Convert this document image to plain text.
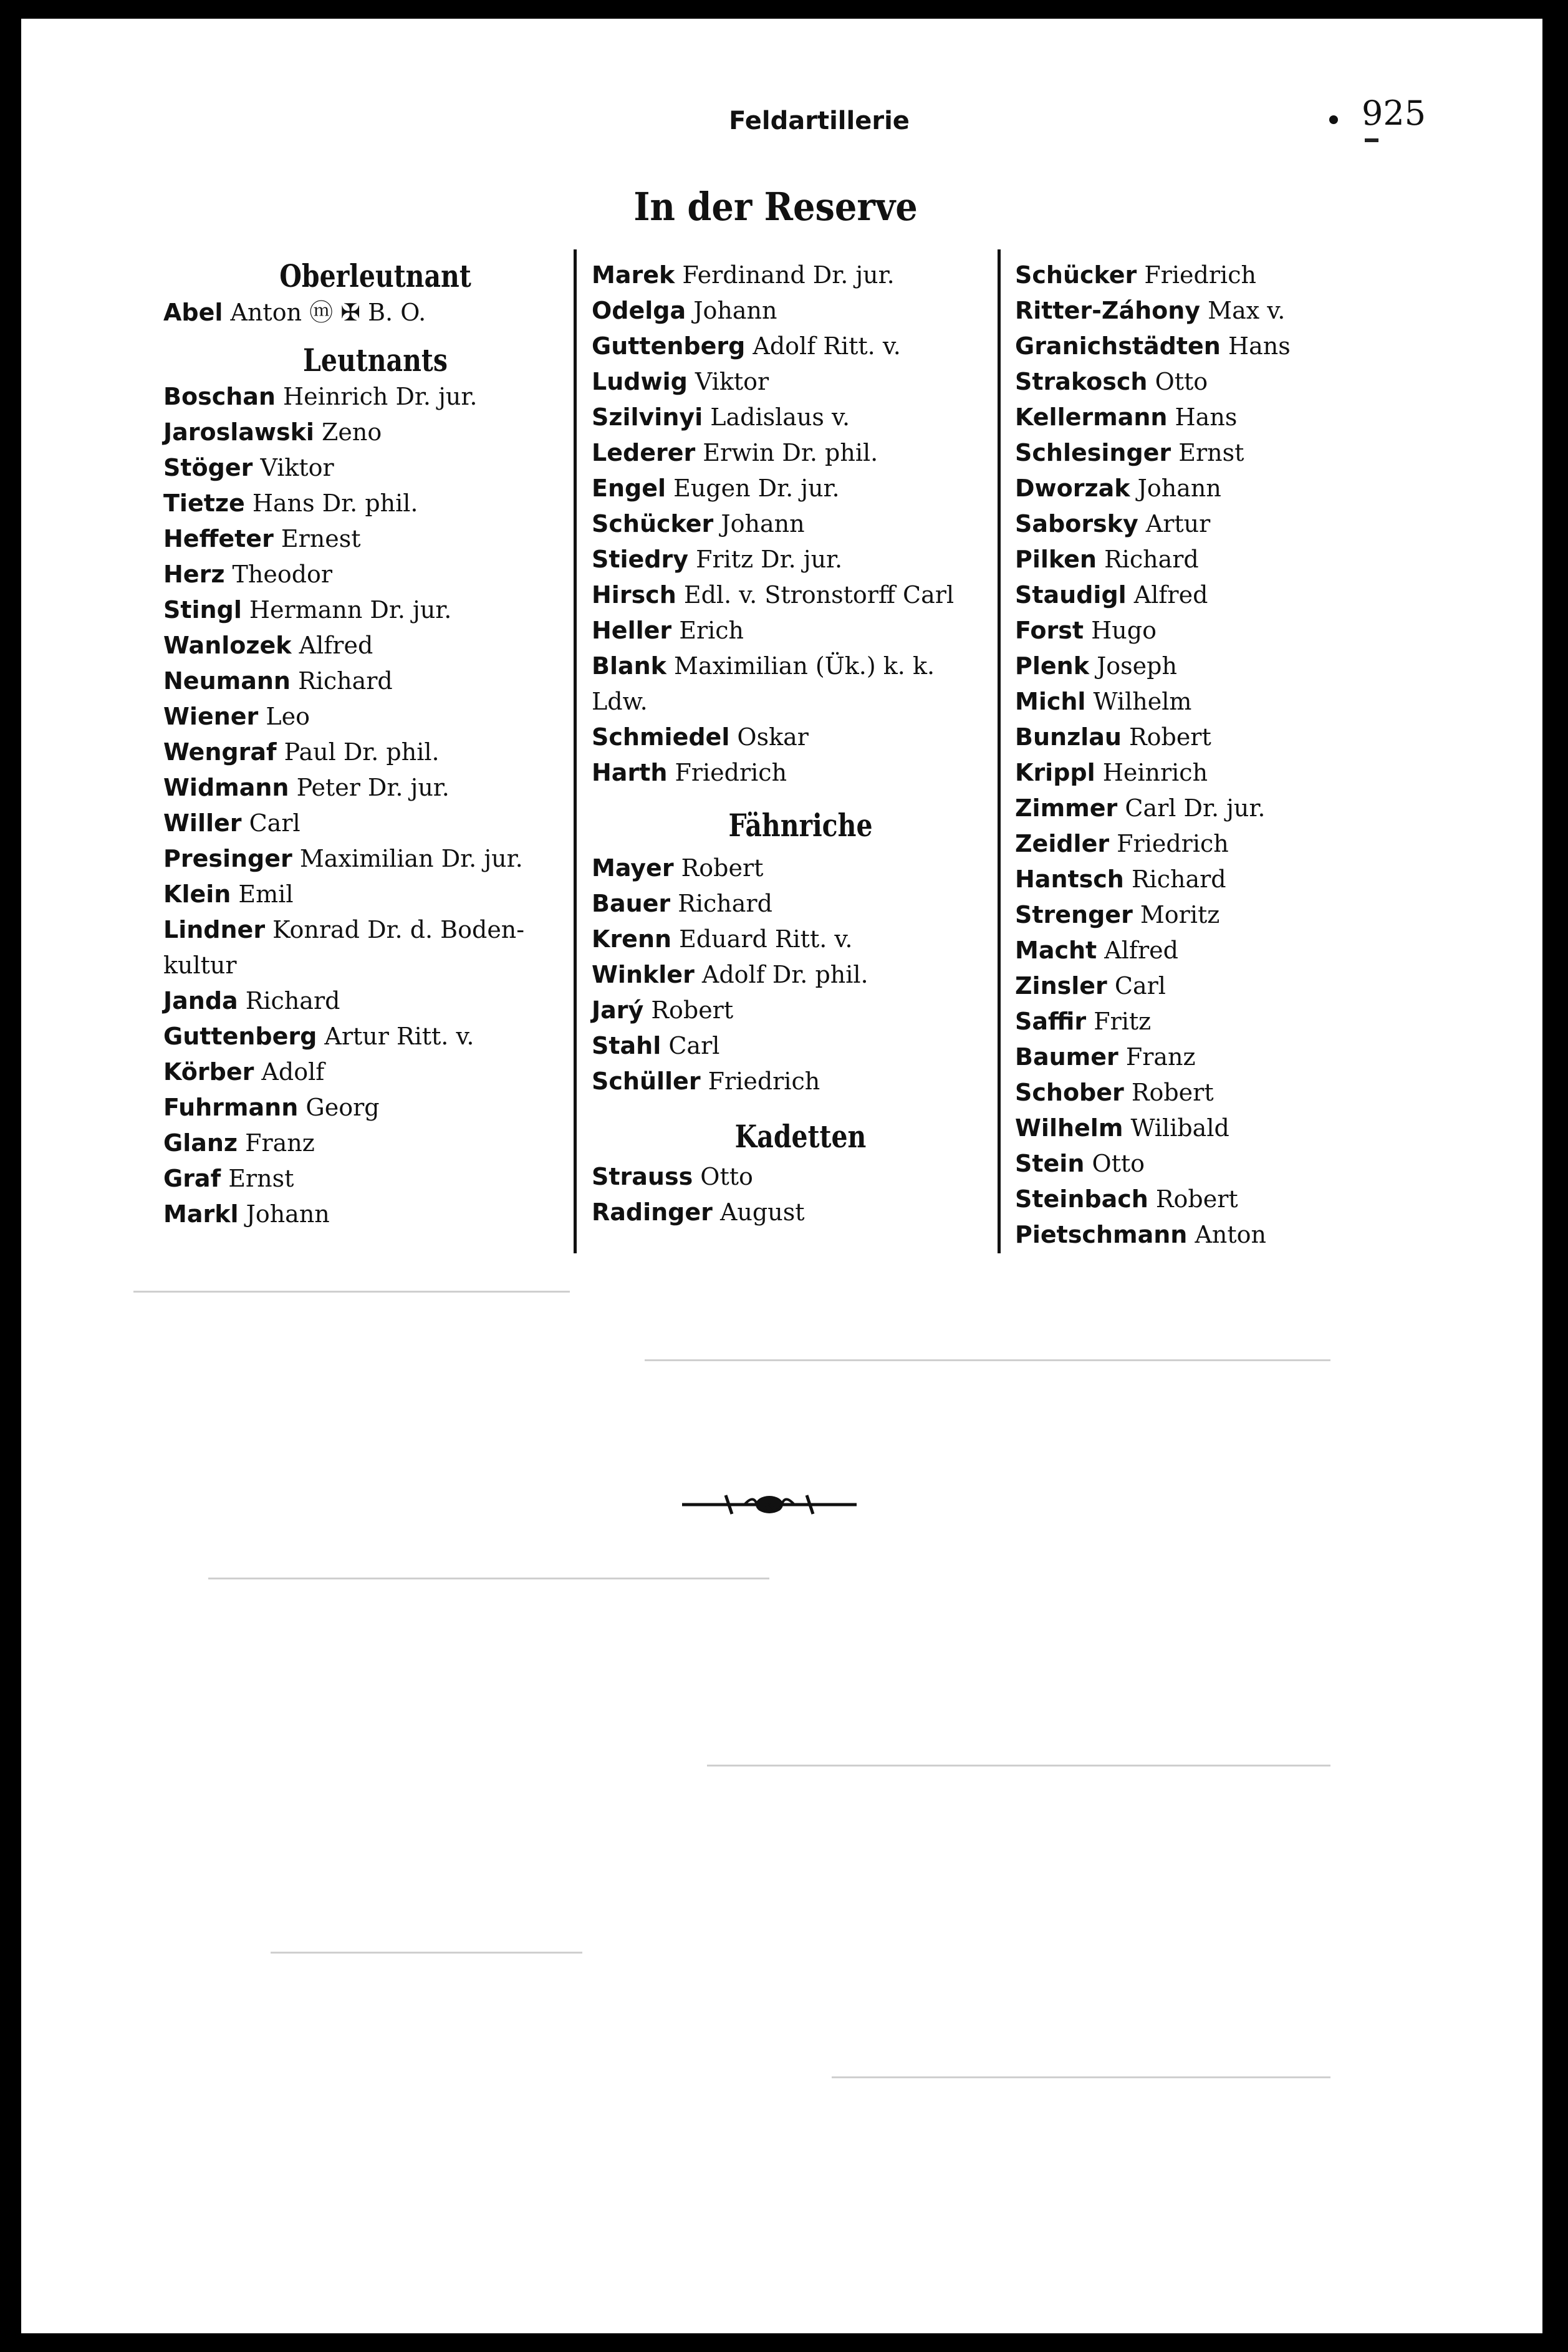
Feldartillerie	925
In der Reserve

Oberleutnant

Abel Anton ⓜ ✠ B. O.

Leutnants

Boschan Heinrich Dr. jur.

Jaroslawski Zeno

Stöger Viktor

Tietze Hans Dr. phil.

Heffeter Ernest

Herz Theodor

Stingl Hermann Dr. jur.

Wanlozek Alfred

Neumann Richard

Wiener Leo

Wengraf Paul Dr. phil.

Widmann Peter Dr. jur.

Willer Carl

Presinger Maximilian Dr. jur.

Klein Emil

Lindner Konrad Dr. d. Boden-

kultur

Janda Richard

Guttenberg Artur Ritt. v.

Körber Adolf

Fuhrmann Georg

Glanz Franz

Graf Ernst

Markl Johann

Marek Ferdinand Dr. jur.

Odelga Johann

Guttenberg Adolf Ritt. v.

Ludwig Viktor

Szilvinyi Ladislaus v.

Lederer Erwin Dr. phil.

Engel Eugen Dr. jur.

Schücker Johann

Stiedry Fritz Dr. jur.

Hirsch Edl. v. Stronstorff Carl

Heller Erich

Blank Maximilian (Ük.) k. k.

Ldw.

Schmiedel Oskar

Harth Friedrich

Fähnriche

Mayer Robert

Bauer Richard

Krenn Eduard Ritt. v.

Winkler Adolf Dr. phil.

Jarý Robert

Stahl Carl

Schüller Friedrich

Kadetten

Strauss Otto

Radinger August

Schücker Friedrich

Ritter-Záhony Max v.

Granichstädten Hans

Strakosch Otto

Kellermann Hans

Schlesinger Ernst

Dworzak Johann

Saborsky Artur

Pilken Richard

Staudigl Alfred

Forst Hugo

Plenk Joseph

Michl Wilhelm

Bunzlau Robert

Krippl Heinrich

Zimmer Carl Dr. jur.

Zeidler Friedrich

Hantsch Richard

Strenger Moritz

Macht Alfred

Zinsler Carl

Saffir Fritz

Baumer Franz

Schober Robert

Wilhelm Wilibald

Stein Otto

Steinbach Robert

Pietschmann Anton
